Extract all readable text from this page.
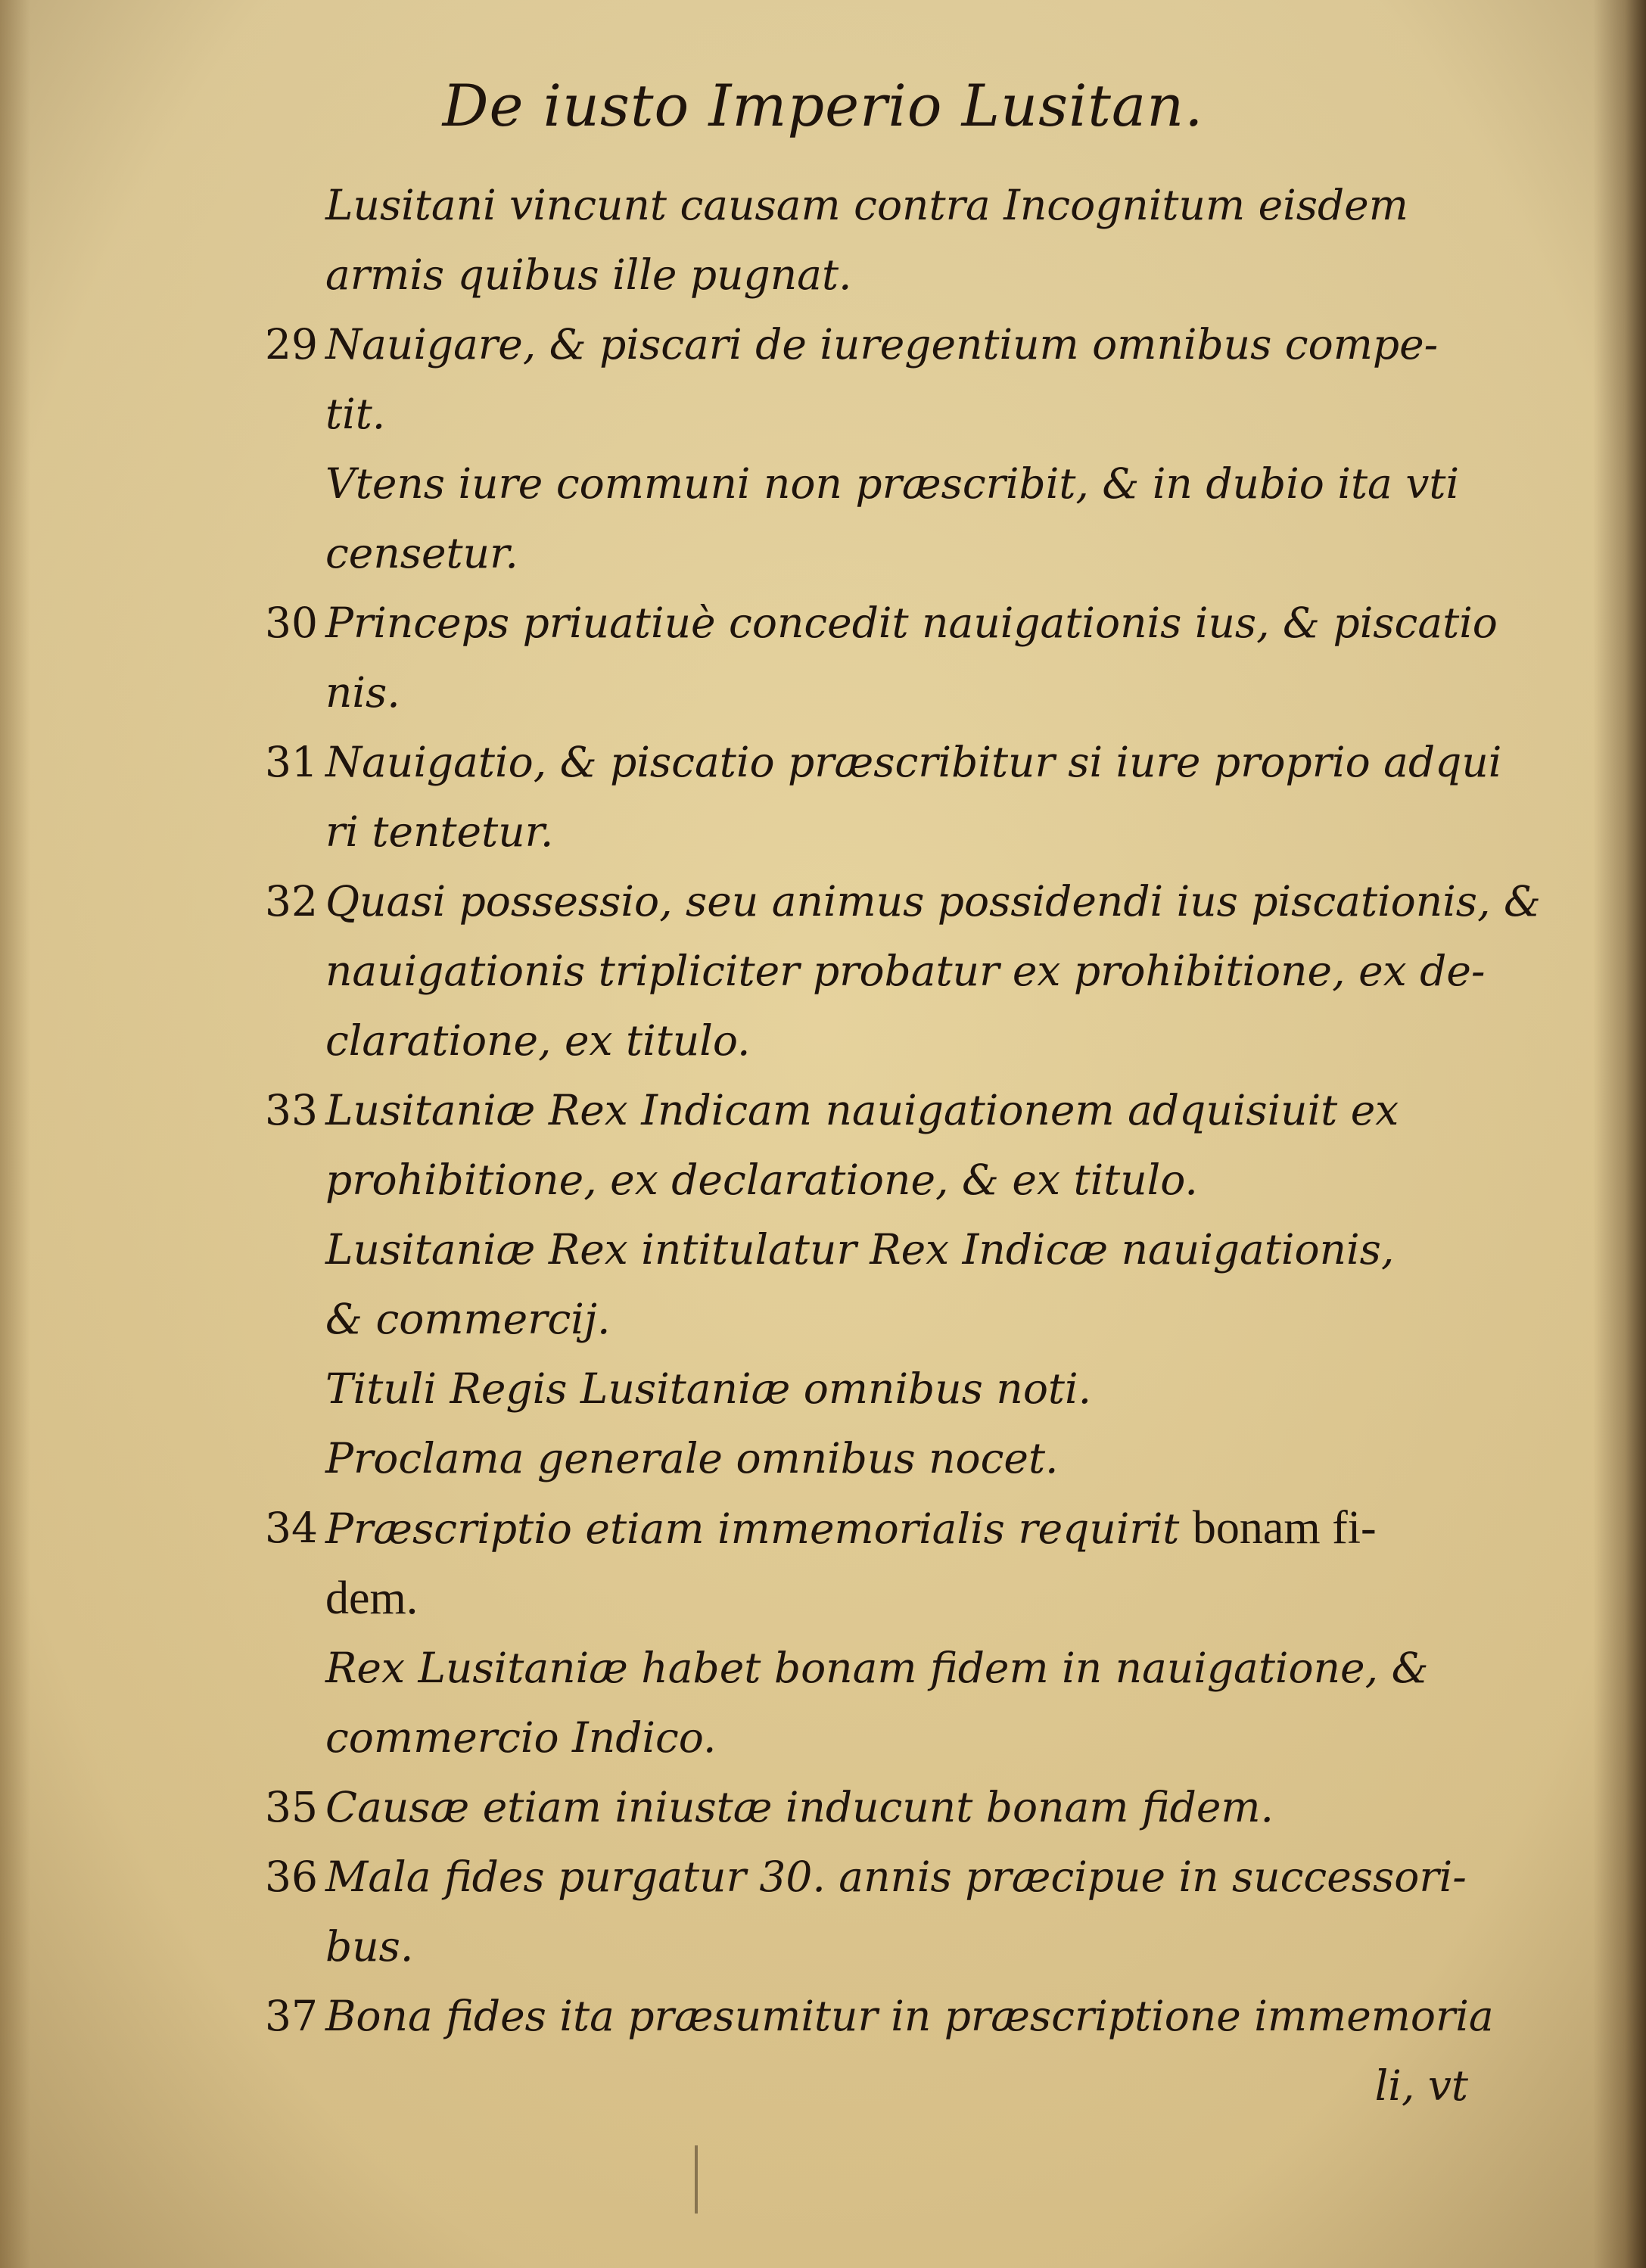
De iusto Imperio Lusitan.
Lusitani vincunt causam contra Incognitum eisdem
armis quibus ille pugnat.
29 Nauigare, & piscari de iuregentium omnibus compe-
tit.
Vtens iure communi non præscribit, & in dubio ita vti
censetur.
30 Princeps priuatiuè concedit nauigationis ius, & piscatio
nis.
31 Nauigatio, & piscatio præscribitur si iure proprio adqui
ri tentetur.
32 Quasi possessio, seu animus possidendi ius piscationis, &
nauigationis tripliciter probatur ex prohibitione, ex de-
claratione, ex titulo.
33 Lusitaniæ Rex Indicam nauigationem adquisiuit ex
prohibitione, ex declaratione, & ex titulo.
Lusitaniæ Rex intitulatur Rex Indicæ nauigationis,
& commercij.
Tituli Regis Lusitaniæ omnibus noti.
Proclama generale omnibus nocet.
34 Præscriptio etiam immemorialis requirit bonam fi-
dem.
Rex Lusitaniæ habet bonam fidem in nauigatione, &
commercio Indico.
35 Causæ etiam iniustæ inducunt bonam fidem.
36 Mala fides purgatur 30. annis præcipue in successori-
bus.
37 Bona fides ita præsumitur in præscriptione immemoria
li, vt
